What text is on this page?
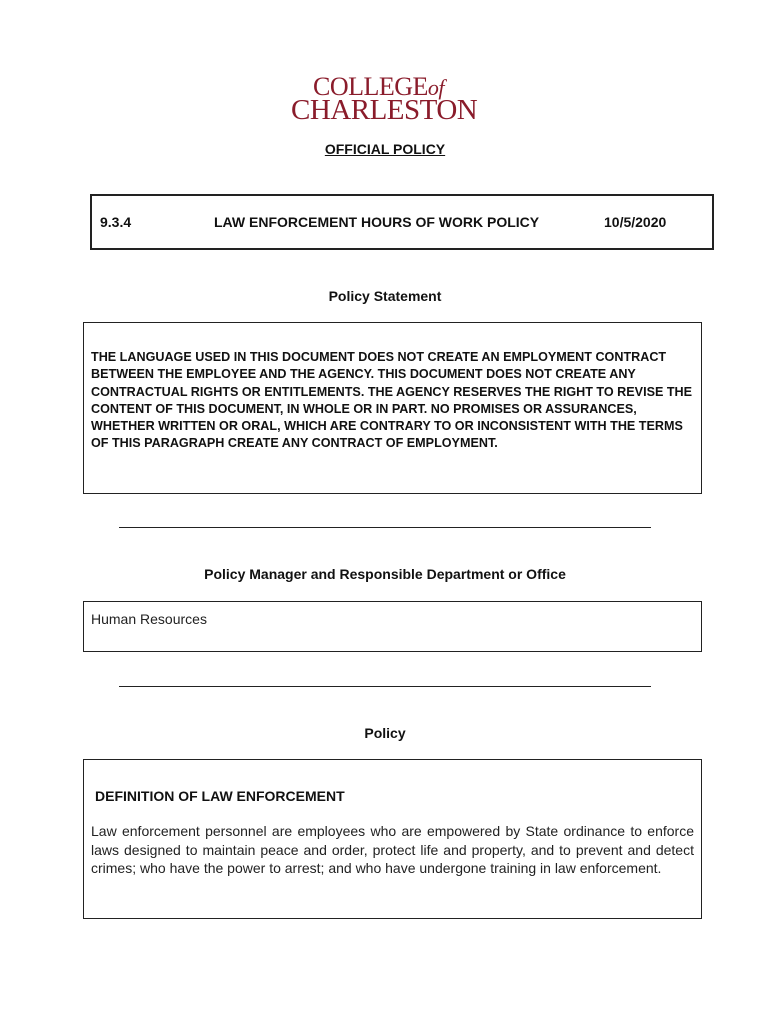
COLLEGEof
CHARLESTON
OFFICIAL POLICY
9.3.4	LAW ENFORCEMENT HOURS OF WORK POLICY	10/5/2020
Policy Statement
THE LANGUAGE USED IN THIS DOCUMENT DOES NOT CREATE AN EMPLOYMENT CONTRACT BETWEEN THE EMPLOYEE AND THE AGENCY. THIS DOCUMENT DOES NOT CREATE ANY CONTRACTUAL RIGHTS OR ENTITLEMENTS. THE AGENCY RESERVES THE RIGHT TO REVISE THE CONTENT OF THIS DOCUMENT, IN WHOLE OR IN PART. NO PROMISES OR ASSURANCES, WHETHER WRITTEN OR ORAL, WHICH ARE CONTRARY TO OR INCONSISTENT WITH THE TERMS OF THIS PARAGRAPH CREATE ANY CONTRACT OF EMPLOYMENT.
Policy Manager and Responsible Department or Office
Human Resources
Policy
DEFINITION OF LAW ENFORCEMENT
Law enforcement personnel are employees who are empowered by State ordinance to enforce laws designed to maintain peace and order, protect life and property, and to prevent and detect crimes; who have the power to arrest; and who have undergone training in law enforcement.
